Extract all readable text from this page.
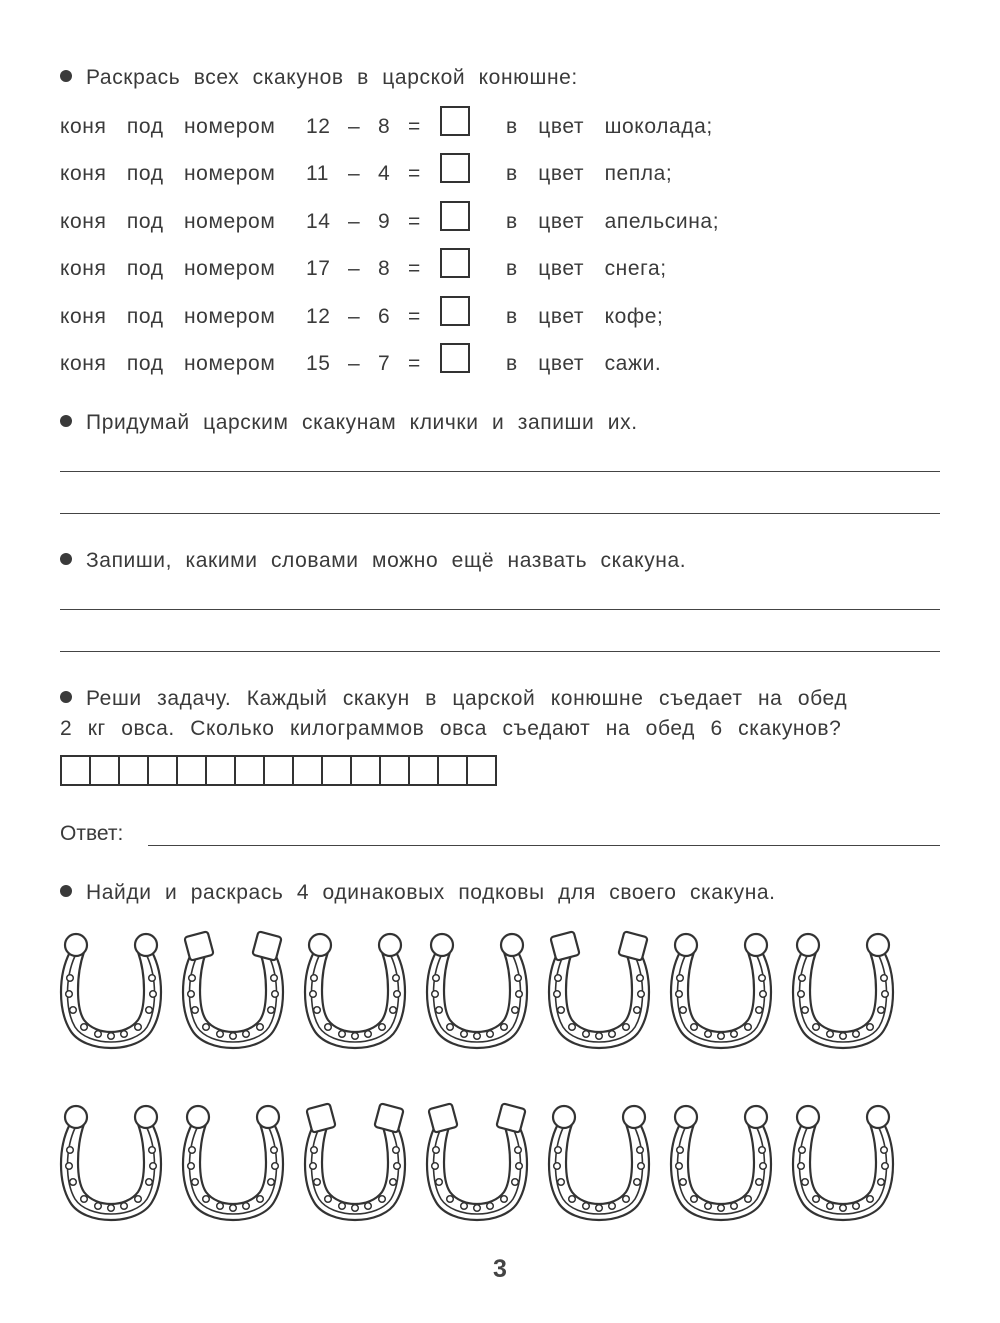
Раскрась всех скакунов в царской конюшне:
коня под номером 12 – 8 =	в цвет шоколада;
коня под номером 11 – 4 =	в цвет пепла;
коня под номером 14 – 9 =	в цвет апельсина;
коня под номером 17 – 8 =	в цвет снега;
коня под номером 12 – 6 =	в цвет кофе;
коня под номером 15 – 7 =	в цвет сажи.
Придумай царским скакунам клички и запиши их.
Запиши, какими словами можно ещё назвать скакуна.
Реши задачу. Каждый скакун в царской конюшне съедает на обед
2 кг овса. Сколько килограммов овса съедают на обед 6 скакунов?
Ответ:
Найди и раскрась 4 одинаковых подковы для своего скакуна.
3
